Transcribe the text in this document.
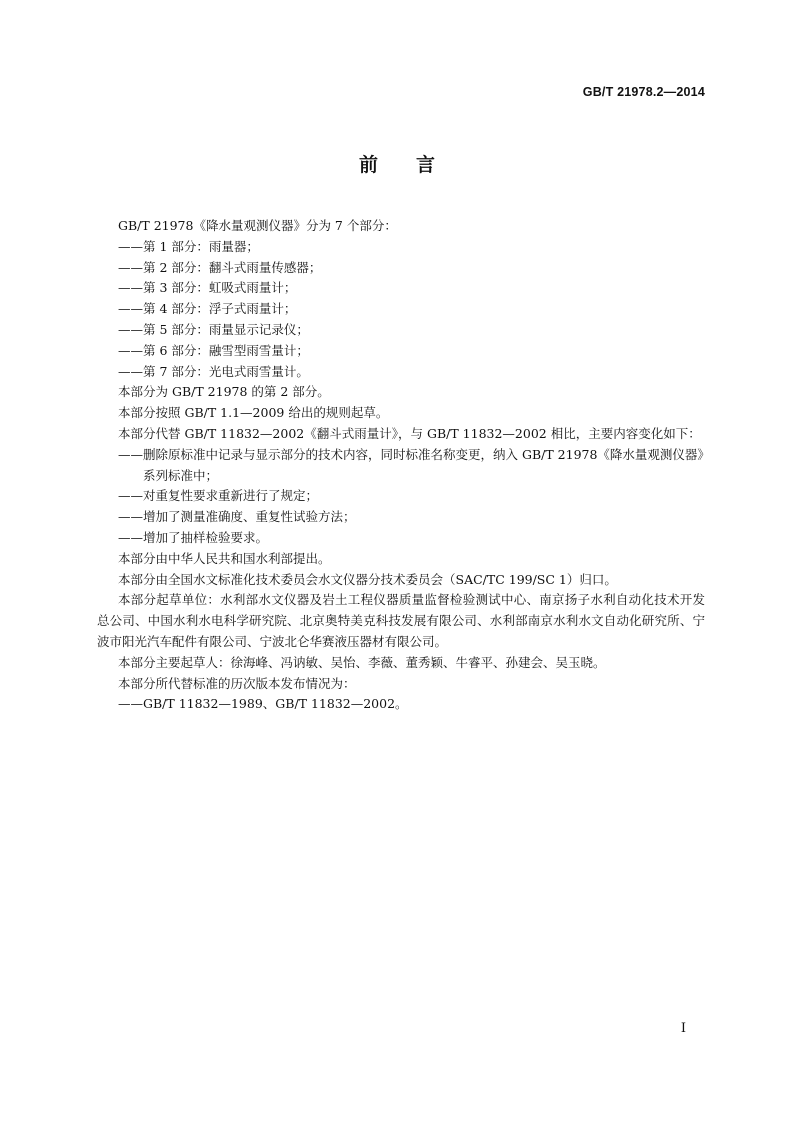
GB/T 21978.2—2014
前言

GB/T 21978《降水量观测仪器》分为 7 个部分：

——第 1 部分：雨量器；

——第 2 部分：翻斗式雨量传感器；

——第 3 部分：虹吸式雨量计；

——第 4 部分：浮子式雨量计；

——第 5 部分：雨量显示记录仪；

——第 6 部分：融雪型雨雪量计；

——第 7 部分：光电式雨雪量计。

本部分为 GB/T 21978 的第 2 部分。

本部分按照 GB/T 1.1—2009 给出的规则起草。

本部分代替 GB/T 11832—2002《翻斗式雨量计》，与 GB/T 11832—2002 相比，主要内容变化如下：

——删除原标准中记录与显示部分的技术内容，同时标准名称变更，纳入 GB/T 21978《降水量观测仪器》系列标准中；

——对重复性要求重新进行了规定；

——增加了测量准确度、重复性试验方法；

——增加了抽样检验要求。

本部分由中华人民共和国水利部提出。

本部分由全国水文标准化技术委员会水文仪器分技术委员会（SAC/TC 199/SC 1）归口。

本部分起草单位：水利部水文仪器及岩土工程仪器质量监督检验测试中心、南京扬子水利自动化技术开发总公司、中国水利水电科学研究院、北京奥特美克科技发展有限公司、水利部南京水利水文自动化研究所、宁波市阳光汽车配件有限公司、宁波北仑华赛液压器材有限公司。

本部分主要起草人：徐海峰、冯讷敏、吴怡、李薇、董秀颖、牛睿平、孙建会、吴玉晓。

本部分所代替标准的历次版本发布情况为：

——GB/T 11832—1989、GB/T 11832—2002。

I
